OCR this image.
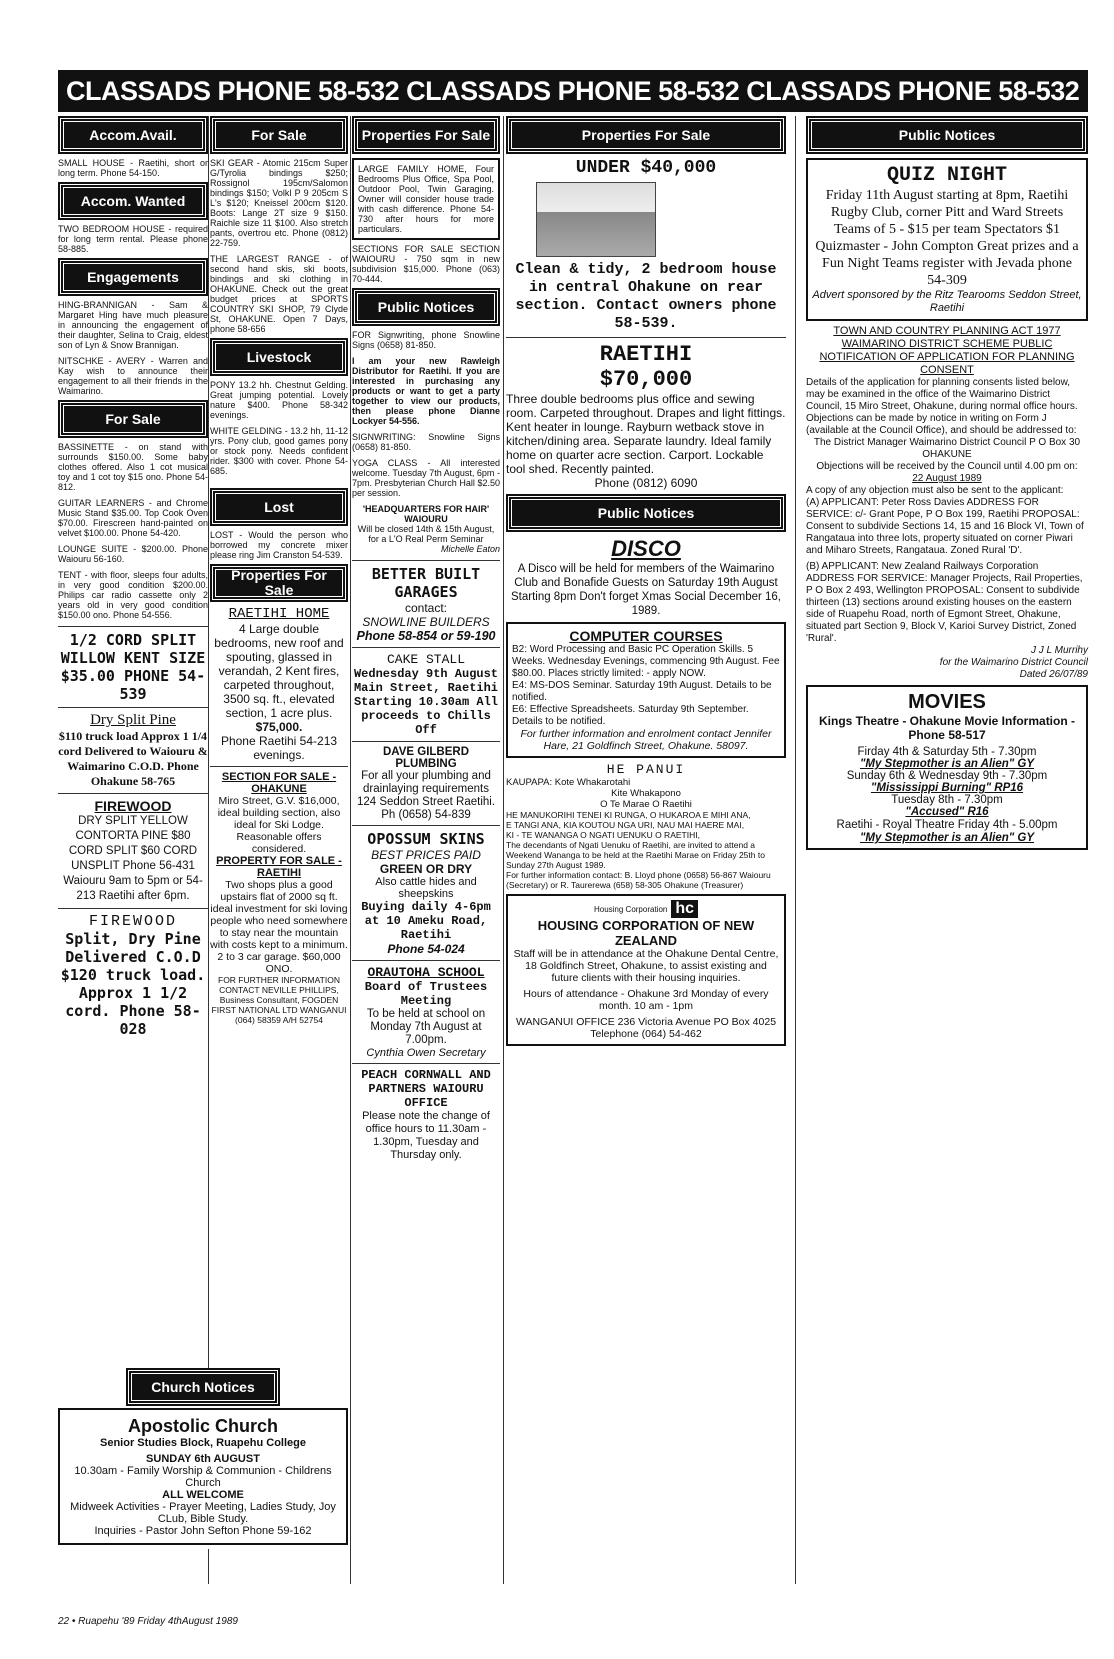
CLASSADS PHONE 58-532 CLASSADS PHONE 58-532 CLASSADS PHONE 58-532
Accom.Avail.

SMALL HOUSE - Raetihi, short or long term. Phone 54-150.

Accom. Wanted

TWO BEDROOM HOUSE - required for long term rental. Please phone 58-885.

Engagements

HING-BRANNIGAN - Sam & Margaret Hing have much pleasure in announcing the engagement of their daughter, Selina to Craig, eldest son of Lyn & Snow Brannigan.

NITSCHKE - AVERY - Warren and Kay wish to announce their engagement to all their friends in the Waimarino.

For Sale

BASSINETTE - on stand with surrounds $150.00. Some baby clothes offered. Also 1 cot musical toy and 1 cot toy $15 ono. Phone 54-812.

GUITAR LEARNERS - and Chrome Music Stand $35.00. Top Cook Oven $70.00. Firescreen hand-painted on velvet $100.00. Phone 54-420.

LOUNGE SUITE - $200.00. Phone Waiouru 56-160.

TENT - with floor, sleeps four adults, in very good condition $200.00. Philips car radio cassette only 2 years old in very good condition $150.00 ono. Phone 54-556.

1/2 CORD SPLIT WILLOW KENT SIZE $35.00 PHONE 54-539

Dry Split Pine

$110 truck load Approx 1 1/4 cord Delivered to Waiouru & Waimarino C.O.D. Phone Ohakune 58-765

FIREWOOD

DRY SPLIT YELLOW CONTORTA PINE $80 CORD SPLIT $60 CORD UNSPLIT Phone 56-431 Waiouru 9am to 5pm or 54-213 Raetihi after 6pm.

FIREWOOD

Split, Dry Pine Delivered C.O.D $120 truck load. Approx 1 1/2 cord. Phone 58-028

For Sale

SKI GEAR - Atomic 215cm Super G/Tyrolia bindings $250; Rossignol 195cm/Salomon bindings $150; Volkl P 9 205cm S L's $120; Kneissel 200cm $120. Boots: Lange 2T size 9 $150. Raichle size 11 $100. Also stretch pants, overtrou etc. Phone (0812) 22-759.

THE LARGEST RANGE - of second hand skis, ski boots, bindings and ski clothing in OHAKUNE. Check out the great budget prices at SPORTS COUNTRY SKI SHOP, 79 Clyde St, OHAKUNE. Open 7 Days, phone 58-656

Livestock

PONY 13.2 hh. Chestnut Gelding. Great jumping potential. Lovely nature $400. Phone 58-342 evenings.

WHITE GELDING - 13.2 hh, 11-12 yrs. Pony club, good games pony or stock pony. Needs confident rider. $300 with cover. Phone 54-685.

Lost

LOST - Would the person who borrowed my concrete mixer please ring Jim Cranston 54-539.

Properties For Sale

RAETIHI HOME

4 Large double bedrooms, new roof and spouting, glassed in verandah, 2 Kent fires, carpeted throughout, 3500 sq. ft., elevated section, 1 acre plus.

$75,000.

Phone Raetihi 54-213 evenings.

SECTION FOR SALE - OHAKUNE

Miro Street, G.V. $16,000, ideal building section, also ideal for Ski Lodge. Reasonable offers considered.

PROPERTY FOR SALE - RAETIHI

Two shops plus a good upstairs flat of 2000 sq ft. ideal investment for ski loving people who need somewhere to stay near the mountain with costs kept to a minimum. 2 to 3 car garage. $60,000 ONO.

FOR FURTHER INFORMATION CONTACT NEVILLE PHILLIPS, Business Consultant, FOGDEN FIRST NATIONAL LTD WANGANUI (064) 58359 A/H 52754

Properties For Sale

LARGE FAMILY HOME, Four Bedrooms Plus Office, Spa Pool, Outdoor Pool, Twin Garaging. Owner will consider house trade with cash difference. Phone 54-730 after hours for more particulars.

SECTIONS FOR SALE SECTION WAIOURU - 750 sqm in new subdivision $15,000. Phone (063) 70-444.

Public Notices

FOR Signwriting, phone Snowline Signs (0658) 81-850.

I am your new Rawleigh Distributor for Raetihi. If you are interested in purchasing any products or want to get a party together to view our products, then please phone Dianne Lockyer 54-556.

SIGNWRITING: Snowline Signs (0658) 81-850.

YOGA CLASS - All interested welcome. Tuesday 7th August, 6pm - 7pm. Presbyterian Church Hall $2.50 per session.

'HEADQUARTERS FOR HAIR' WAIOURU

Will be closed 14th & 15th August, for a L'O Real Perm Seminar

Michelle Eaton

BETTER BUILT GARAGES

contact:

SNOWLINE BUILDERS

Phone 58-854 or 59-190

CAKE STALL

Wednesday 9th August Main Street, Raetihi Starting 10.30am All proceeds to Chills Off

DAVE GILBERD PLUMBING

For all your plumbing and drainlaying requirements 124 Seddon Street Raetihi.

Ph (0658) 54-839

OPOSSUM SKINS

BEST PRICES PAID

GREEN OR DRY

Also cattle hides and sheepskins

Buying daily 4-6pm at 10 Ameku Road, Raetihi

Phone 54-024

ORAUTOHA SCHOOL

Board of Trustees Meeting

To be held at school on Monday 7th August at 7.00pm.

Cynthia Owen Secretary

PEACH CORNWALL AND PARTNERS WAIOURU OFFICE

Please note the change of office hours to 11.30am - 1.30pm, Tuesday and Thursday only.

Properties For Sale

UNDER $40,000

Clean & tidy, 2 bedroom house in central Ohakune on rear section. Contact owners phone 58-539.

RAETIHI

$70,000

Three double bedrooms plus office and sewing room. Carpeted throughout. Drapes and light fittings. Kent heater in lounge. Rayburn wetback stove in kitchen/dining area. Separate laundry. Ideal family home on quarter acre section. Carport. Lockable tool shed. Recently painted.

Phone (0812) 6090

Public Notices

DISCO

A Disco will be held for members of the Waimarino Club and Bonafide Guests on Saturday 19th August Starting 8pm Don't forget Xmas Social December 16, 1989.

COMPUTER COURSES

B2: Word Processing and Basic PC Operation Skills. 5 Weeks. Wednesday Evenings, commencing 9th August. Fee $80.00. Places strictly limited: - apply NOW.

E4: MS-DOS Seminar. Saturday 19th August. Details to be notified.

E6: Effective Spreadsheets. Saturday 9th September. Details to be notified.

For further information and enrolment contact Jennifer Hare, 21 Goldfinch Street, Ohakune. 58097.

HE PANUI

KAUPAPA: Kote Whakarotahi

Kite Whakapono

O Te Marae O Raetihi

HE MANUKORIHI TENEI KI RUNGA, O HUKAROA E MIHI ANA,

E TANGI ANA, KIA KOUTOU NGA URI, NAU MAI HAERE MAI,

KI - TE WANANGA O NGATI UENUKU O RAETIHI,

The decendants of Ngati Uenuku of Raetihi, are invited to attend a Weekend Wananga to be held at the Raetihi Marae on Friday 25th to Sunday 27th August 1989.

For further information contact: B. Lloyd phone (0658) 56-867 Waiouru (Secretary) or R. Taurerewa (658) 58-305 Ohakune (Treasurer)

Housing Corporation hc

HOUSING CORPORATION OF NEW ZEALAND

Staff will be in attendance at the Ohakune Dental Centre, 18 Goldfinch Street, Ohakune, to assist existing and future clients with their housing inquiries.

Hours of attendance - Ohakune 3rd Monday of every month. 10 am - 1pm

WANGANUI OFFICE 236 Victoria Avenue PO Box 4025 Telephone (064) 54-462

Public Notices

QUIZ NIGHT

Friday 11th August starting at 8pm, Raetihi Rugby Club, corner Pitt and Ward Streets Teams of 5 - $15 per team Spectators $1 Quizmaster - John Compton Great prizes and a Fun Night Teams register with Jevada phone 54-309

Advert sponsored by the Ritz Tearooms Seddon Street, Raetihi

TOWN AND COUNTRY PLANNING ACT 1977 WAIMARINO DISTRICT SCHEME PUBLIC NOTIFICATION OF APPLICATION FOR PLANNING CONSENT

Details of the application for planning consents listed below, may be examined in the office of the Waimarino District Council, 15 Miro Street, Ohakune, during normal office hours. Objections can be made by notice in writing on Form J (available at the Council Office), and should be addressed to:

The District Manager Waimarino District Council P O Box 30 OHAKUNE

Objections will be received by the Council until 4.00 pm on:

22 August 1989

A copy of any objection must also be sent to the applicant:

(A) APPLICANT: Peter Ross Davies ADDRESS FOR SERVICE: c/- Grant Pope, P O Box 199, Raetihi PROPOSAL: Consent to subdivide Sections 14, 15 and 16 Block VI, Town of Rangataua into three lots, property situated on corner Piwari and Miharo Streets, Rangataua. Zoned Rural 'D'.

(B) APPLICANT: New Zealand Railways Corporation ADDRESS FOR SERVICE: Manager Projects, Rail Properties, P O Box 2 493, Wellington PROPOSAL: Consent to subdivide thirteen (13) sections around existing houses on the eastern side of Ruapehu Road, north of Egmont Street, Ohakune, situated part Section 9, Block V, Karioi Survey District, Zoned 'Rural'.

J J L Murrihy

for the Waimarino District Council

Dated 26/07/89

MOVIES

Kings Theatre - Ohakune Movie Information - Phone 58-517

Firday 4th & Saturday 5th - 7.30pm

"My Stepmother is an Alien" GY

Sunday 6th & Wednesday 9th - 7.30pm

"Mississippi Burning" RP16

Tuesday 8th - 7.30pm

"Accused" R16

Raetihi - Royal Theatre Friday 4th - 5.00pm

"My Stepmother is an Alien" GY

Church Notices

Apostolic Church

Senior Studies Block, Ruapehu College

SUNDAY 6th AUGUST

10.30am - Family Worship & Communion - Childrens Church

ALL WELCOME

Midweek Activities - Prayer Meeting, Ladies Study, Joy CLub, Bible Study.

Inquiries - Pastor John Sefton Phone 59-162

22 • Ruapehu '89 Friday 4thAugust 1989
